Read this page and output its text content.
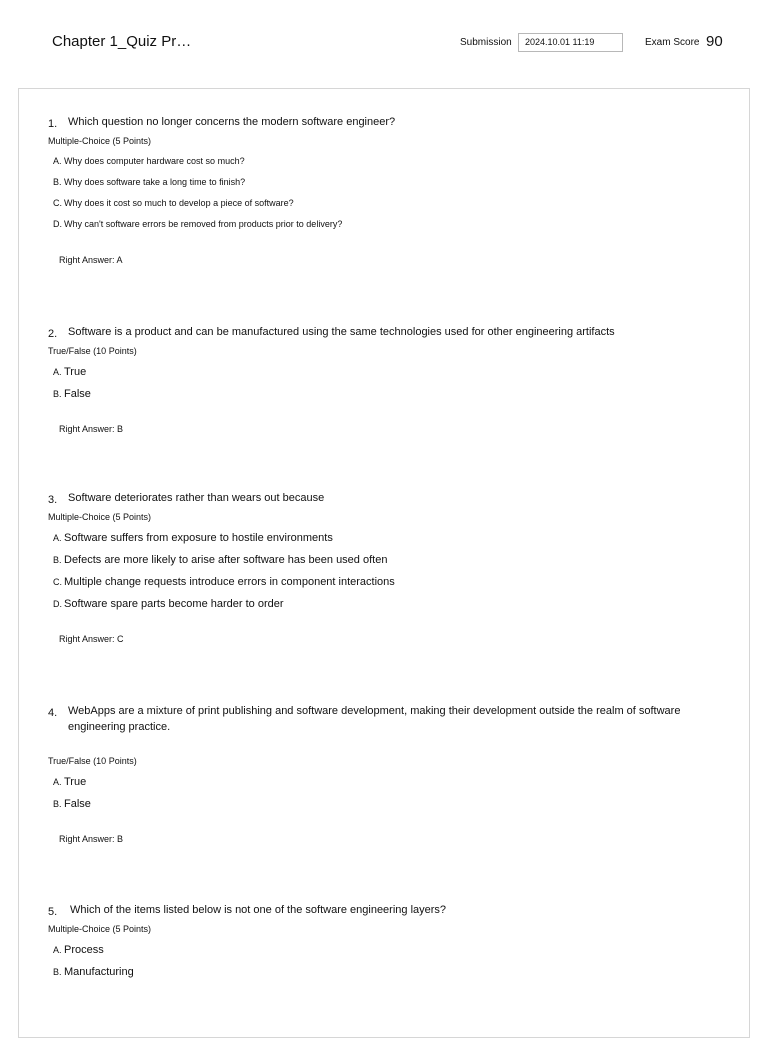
Chapter 1_Quiz Pr…	Submission	2024.10.01 11:19	Exam Score 90
1. Which question no longer concerns the modern software engineer?
Multiple-Choice (5 Points)
A. Why does computer hardware cost so much?
B. Why does software take a long time to finish?
C. Why does it cost so much to develop a piece of software?
D. Why can't software errors be removed from products prior to delivery?
Right Answer: A
2. Software is a product and can be manufactured using the same technologies used for other engineering artifacts
True/False (10 Points)
A. True
B. False
Right Answer: B
3. Software deteriorates rather than wears out because
Multiple-Choice (5 Points)
A. Software suffers from exposure to hostile environments
B. Defects are more likely to arise after software has been used often
C. Multiple change requests introduce errors in component interactions
D. Software spare parts become harder to order
Right Answer: C
4. WebApps are a mixture of print publishing and software development, making their development outside the realm of software engineering practice.
True/False (10 Points)
A. True
B. False
Right Answer: B
5.	Which of the items listed below is not one of the software engineering layers?
Multiple-Choice (5 Points)
A. Process
B. Manufacturing
